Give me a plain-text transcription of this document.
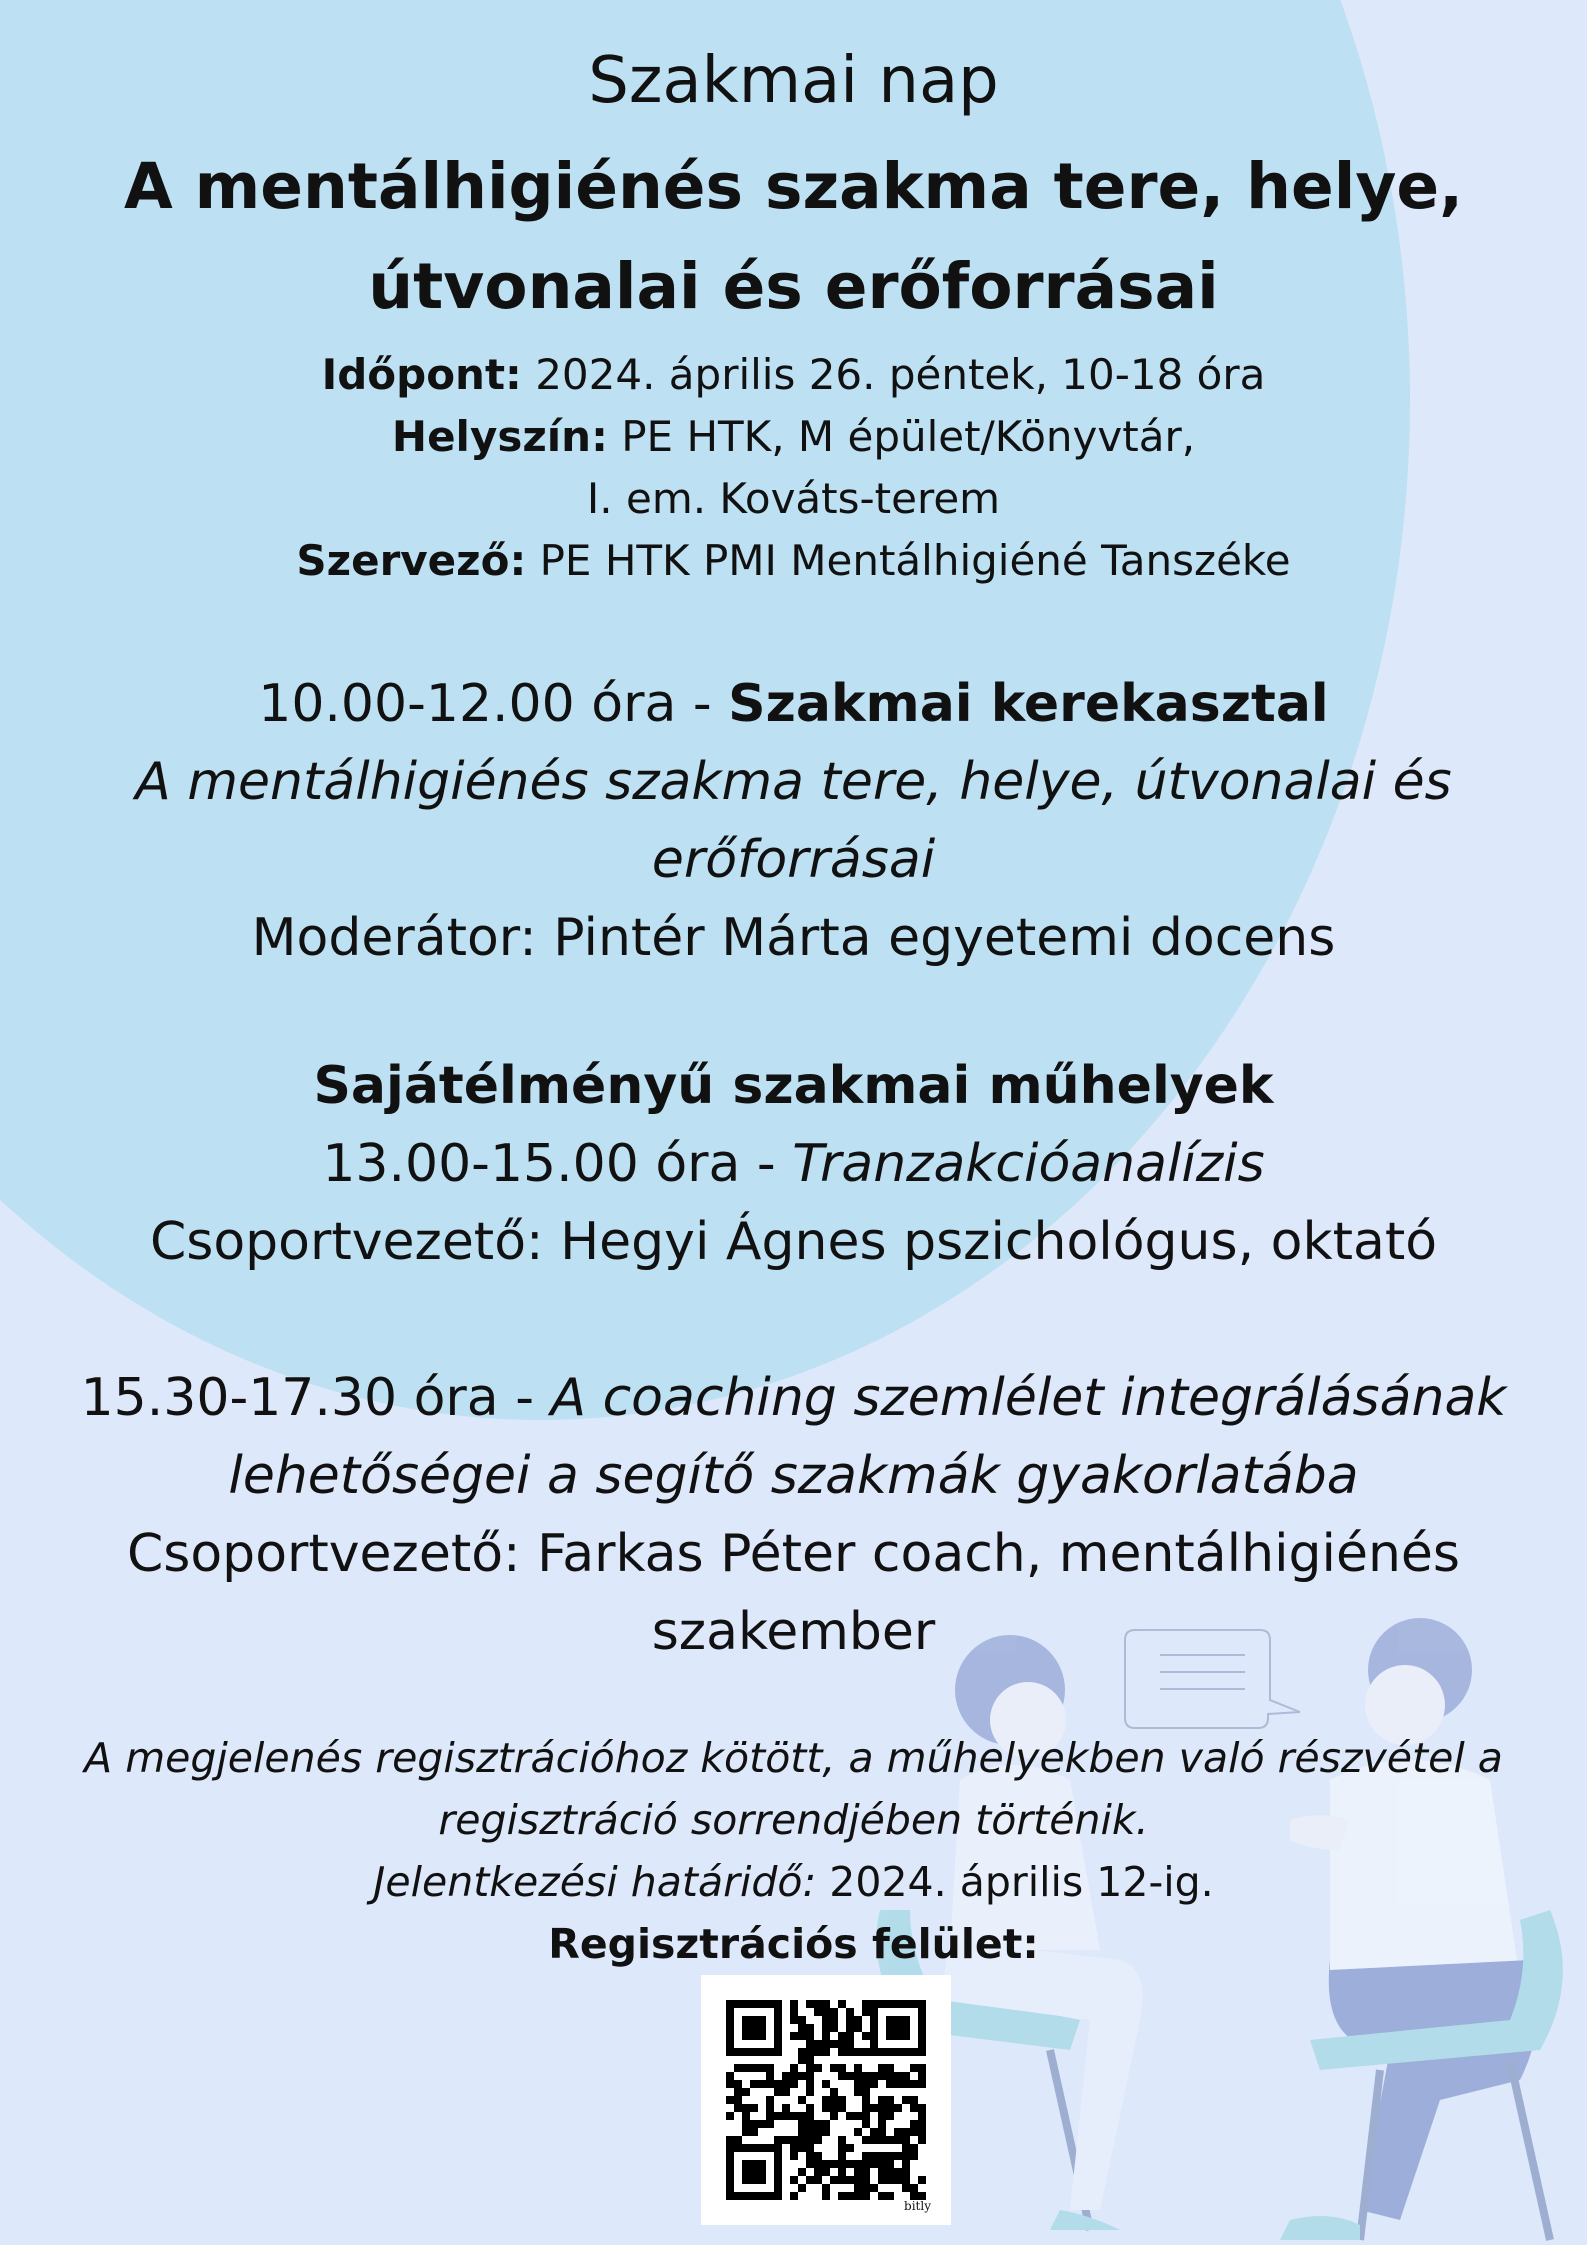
Szakmai nap
A mentálhigiénés szakma tere, helye,
útvonalai és erőforrásai
Időpont: 2024. április 26. péntek, 10-18 óra
Helyszín: PE HTK, M épület/Könyvtár,
I. em. Kováts-terem
Szervező: PE HTK PMI Mentálhigiéné Tanszéke
10.00-12.00 óra - Szakmai kerekasztal
A mentálhigiénés szakma tere, helye, útvonalai és
erőforrásai
Moderátor: Pintér Márta egyetemi docens
Sajátélményű szakmai műhelyek
13.00-15.00 óra - Tranzakcióanalízis
Csoportvezető: Hegyi Ágnes pszichológus, oktató
15.30-17.30 óra - A coaching szemlélet integrálásának
lehetőségei a segítő szakmák gyakorlatába
Csoportvezető: Farkas Péter coach, mentálhigiénés
szakember
A megjelenés regisztrációhoz kötött, a műhelyekben való részvétel a
regisztráció sorrendjében történik.
Jelentkezési határidő: 2024. április 12-ig.
Regisztrációs felület:
bitly
